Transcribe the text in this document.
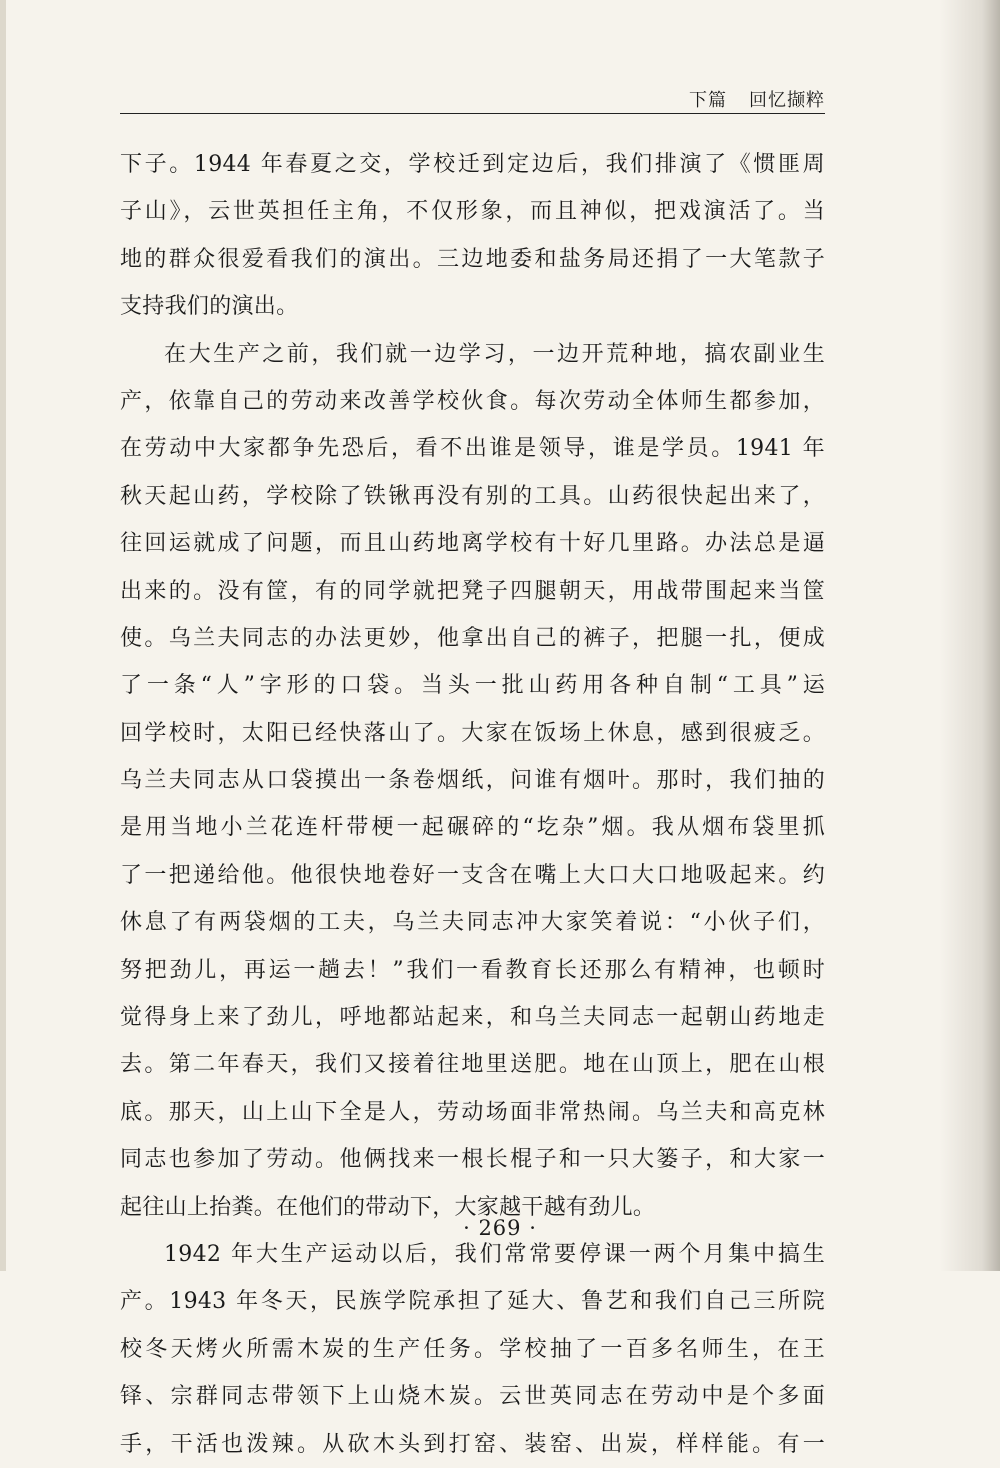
下篇 回忆撷粹
下子。1944 年春夏之交，学校迁到定边后，我们排演了《惯匪周
子山》，云世英担任主角，不仅形象，而且神似，把戏演活了。当
地的群众很爱看我们的演出。三边地委和盐务局还捐了一大笔款子
支持我们的演出。
在大生产之前，我们就一边学习，一边开荒种地，搞农副业生
产，依靠自己的劳动来改善学校伙食。每次劳动全体师生都参加，
在劳动中大家都争先恐后，看不出谁是领导，谁是学员。1941 年
秋天起山药，学校除了铁锹再没有别的工具。山药很快起出来了，
往回运就成了问题，而且山药地离学校有十好几里路。办法总是逼
出来的。没有筐，有的同学就把凳子四腿朝天，用战带围起来当筐
使。乌兰夫同志的办法更妙，他拿出自己的裤子，把腿一扎，便成
了一条“人”字形的口袋。当头一批山药用各种自制“工具”运
回学校时，太阳已经快落山了。大家在饭场上休息，感到很疲乏。
乌兰夫同志从口袋摸出一条卷烟纸，问谁有烟叶。那时，我们抽的
是用当地小兰花连杆带梗一起碾碎的“圪杂”烟。我从烟布袋里抓
了一把递给他。他很快地卷好一支含在嘴上大口大口地吸起来。约
休息了有两袋烟的工夫，乌兰夫同志冲大家笑着说：“小伙子们，
努把劲儿，再运一趟去！”我们一看教育长还那么有精神，也顿时
觉得身上来了劲儿，呼地都站起来，和乌兰夫同志一起朝山药地走
去。第二年春天，我们又接着往地里送肥。地在山顶上，肥在山根
底。那天，山上山下全是人，劳动场面非常热闹。乌兰夫和高克林
同志也参加了劳动。他俩找来一根长棍子和一只大篓子，和大家一
起往山上抬粪。在他们的带动下，大家越干越有劲儿。
1942 年大生产运动以后，我们常常要停课一两个月集中搞生
产。1943 年冬天，民族学院承担了延大、鲁艺和我们自己三所院
校冬天烤火所需木炭的生产任务。学校抽了一百多名师生，在王
铎、宗群同志带领下上山烧木炭。云世英同志在劳动中是个多面
手，干活也泼辣。从砍木头到打窑、装窑、出炭，样样能。有一
· 269 ·
